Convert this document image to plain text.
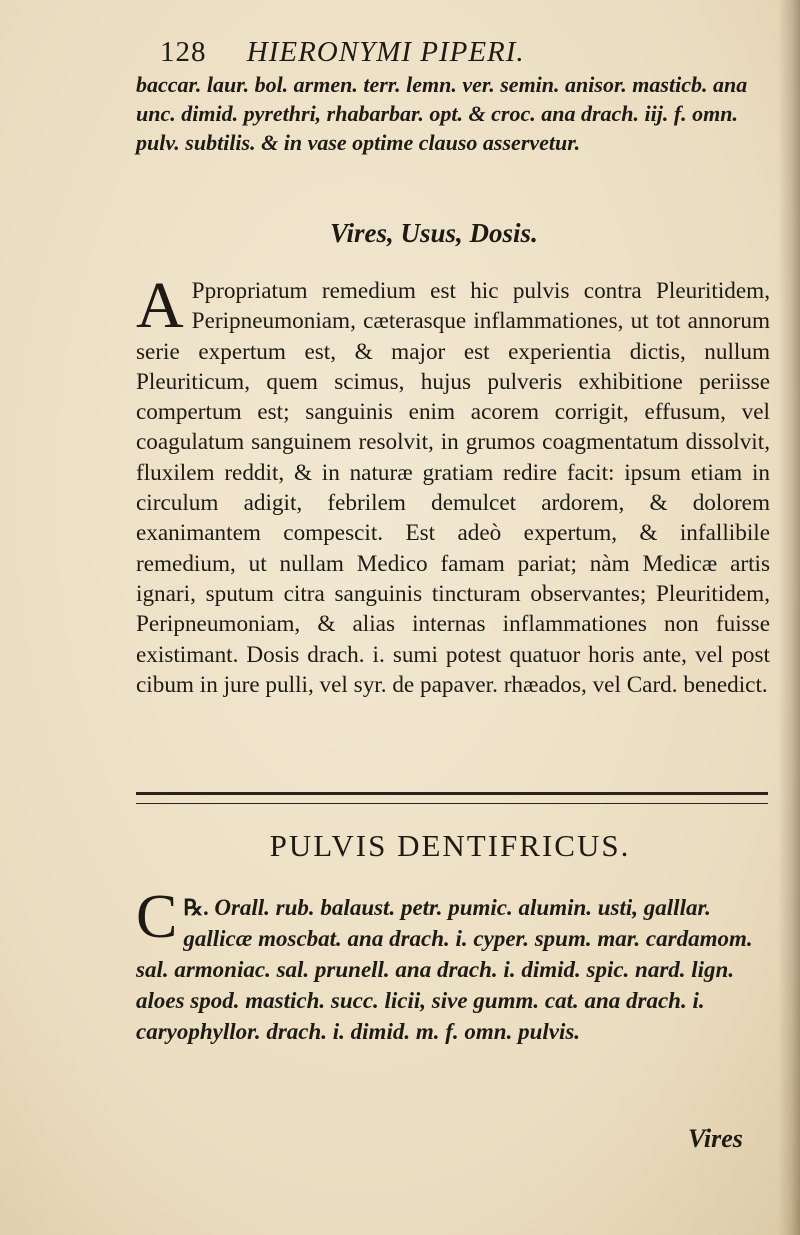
128 HIERONYMI PIPERI.
baccar. laur. bol. armen. terr. lemn. ver. semin. anisor. masticb. ana unc. dimid. pyrethri, rhabarbar. opt. & croc. ana drach. iij. f. omn. pulv. subtilis. & in vase optime clauso asservetur.
Vires, Usus, Dosis.

A Ppropriatum remedium est hic pulvis contra Pleuritidem, Peripneumoniam, cæterasque inflammationes, ut tot annorum serie expertum est, & major est experientia dictis, nullum Pleuriticum, quem scimus, hujus pulveris exhibitione periisse compertum est; sanguinis enim acorem corrigit, effusum, vel coagulatum sanguinem resolvit, in grumos coagmentatum dissolvit, fluxilem reddit, & in naturæ gratiam redire facit: ipsum etiam in circulum adigit, febrilem demulcet ardorem, & dolorem exanimantem compescit. Est adeò expertum, & infallibile remedium, ut nullam Medico famam pariat; nàm Medicæ artis ignari, sputum citra sanguinis tincturam observantes; Pleuritidem, Peripneumoniam, & alias internas inflammationes non fuisse existimant. Dosis drach. i. sumi potest quatuor horis ante, vel post cibum in jure pulli, vel syr. de papaver. rhæados, vel Card. benedict.

PULVIS DENTIFRICUS.
℞.
C Orall. rub. balaust. petr. pumic. alumin. usti, galllar. gallicæ moscbat. ana drach. i. cyper. spum. mar. cardamom. sal. armoniac. sal. prunell. ana drach. i. dimid. spic. nard. lign. aloes spod. mastich. succ. licii, sive gumm. cat. ana drach. i. caryophyllor. drach. i. dimid. m. f. omn. pulvis.
Vires
